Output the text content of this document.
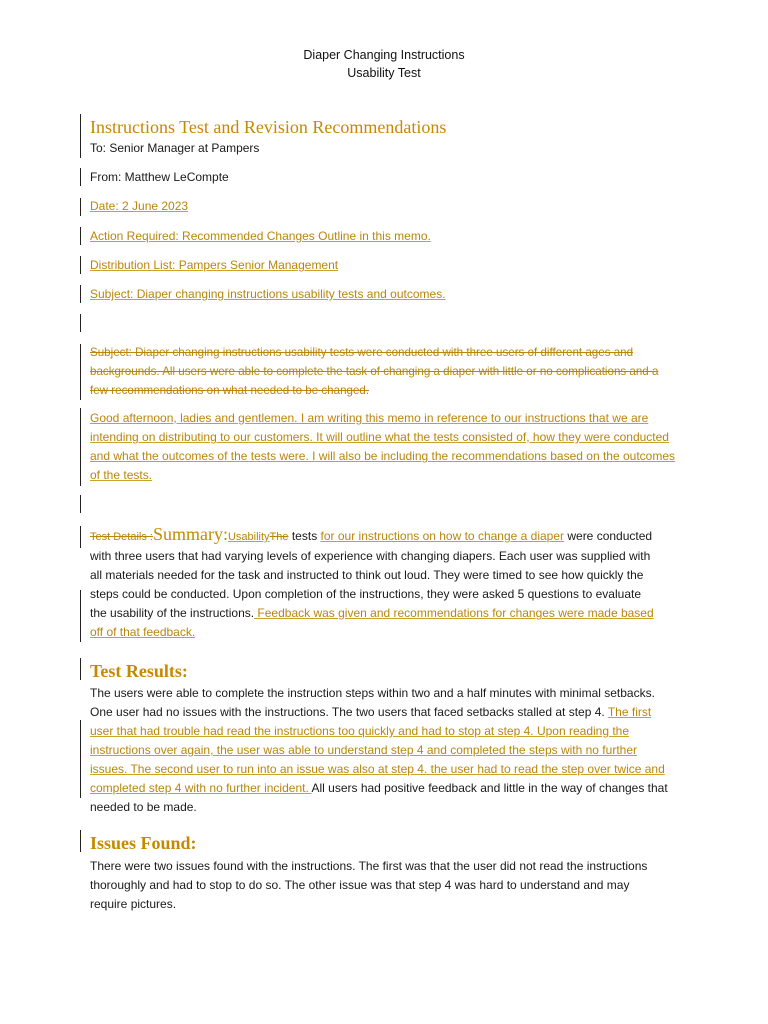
Diaper Changing Instructions
Usability Test
Instructions Test and Revision Recommendations
To: Senior Manager at Pampers
From: Matthew LeCompte
Date: 2 June 2023
Action Required: Recommended Changes Outline in this memo.
Distribution List: Pampers Senior Management
Subject: Diaper changing instructions usability tests and outcomes.
Subject: Diaper changing instructions usability tests were conducted with three users of different ages and backgrounds. All users were able to complete the task of changing a diaper with little or no complications and a few recommendations on what needed to be changed.
Good afternoon, ladies and gentlemen. I am writing this memo in reference to our instructions that we are intending on distributing to our customers. It will outline what the tests consisted of, how they were conducted and what the outcomes of the tests were. I will also be including the recommendations based on the outcomes of the tests.
Test Details :Summary:UsabilityThe tests for our instructions on how to change a diaper were conducted with three users that had varying levels of experience with changing diapers. Each user was supplied with all materials needed for the task and instructed to think out loud. They were timed to see how quickly the steps could be conducted. Upon completion of the instructions, they were asked 5 questions to evaluate the usability of the instructions. Feedback was given and recommendations for changes were made based off of that feedback.
Test Results:
The users were able to complete the instruction steps within two and a half minutes with minimal setbacks. One user had no issues with the instructions. The two users that faced setbacks stalled at step 4. The first user that had trouble had read the instructions too quickly and had to stop at step 4. Upon reading the instructions over again, the user was able to understand step 4 and completed the steps with no further issues. The second user to run into an issue was also at step 4. the user had to read the step over twice and completed step 4 with no further incident. All users had positive feedback and little in the way of changes that needed to be made.
Issues Found:
There were two issues found with the instructions. The first was that the user did not read the instructions thoroughly and had to stop to do so. The other issue was that step 4 was hard to understand and may require pictures.
